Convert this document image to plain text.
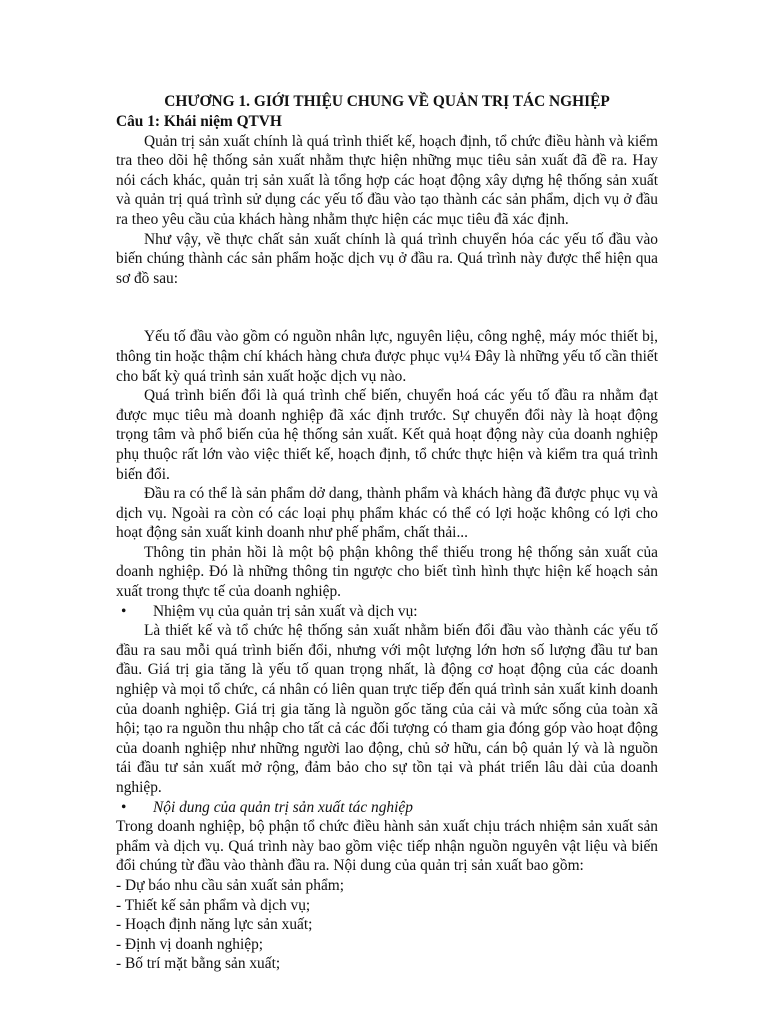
CHƯƠNG 1. GIỚI THIỆU CHUNG VỀ QUẢN TRỊ TÁC NGHIỆP

Câu 1: Khái niệm QTVH

Quản trị sản xuất chính là quá trình thiết kế, hoạch định, tổ chức điều hành và kiểm tra theo dõi hệ thống sản xuất nhằm thực hiện những mục tiêu sản xuất đã đề ra. Hay nói cách khác, quản trị sản xuất là tổng hợp các hoạt động xây dựng hệ thống sản xuất và quản trị quá trình sử dụng các yếu tố đầu vào tạo thành các sản phẩm, dịch vụ ở đầu ra theo yêu cầu của khách hàng nhằm thực hiện các mục tiêu đã xác định.

Như vậy, về thực chất sản xuất chính là quá trình chuyển hóa các yếu tố đầu vào biến chúng thành các sản phẩm hoặc dịch vụ ở đầu ra. Quá trình này được thể hiện qua sơ đồ sau:

Yếu tố đầu vào gồm có nguồn nhân lực, nguyên liệu, công nghệ, máy móc thiết bị, thông tin hoặc thậm chí khách hàng chưa được phục vụ¼ Đây là những yếu tố cần thiết cho bất kỳ quá trình sản xuất hoặc dịch vụ nào.

Quá trình biến đổi là quá trình chế biến, chuyển hoá các yếu tố đầu ra nhằm đạt được mục tiêu mà doanh nghiệp đã xác định trước. Sự chuyển đổi này là hoạt động trọng tâm và phổ biến của hệ thống sản xuất. Kết quả hoạt động này của doanh nghiệp phụ thuộc rất lớn vào việc thiết kế, hoạch định, tổ chức thực hiện và kiểm tra quá trình biến đổi.

Đầu ra có thể là sản phẩm dở dang, thành phẩm và khách hàng đã được phục vụ và dịch vụ. Ngoài ra còn có các loại phụ phẩm khác có thể có lợi hoặc không có lợi cho hoạt động sản xuất kinh doanh như phế phẩm, chất thải...

Thông tin phản hồi là một bộ phận không thể thiếu trong hệ thống sản xuất của doanh nghiệp. Đó là những thông tin ngược cho biết tình hình thực hiện kế hoạch sản xuất trong thực tế của doanh nghiệp.

• Nhiệm vụ của quản trị sản xuất và dịch vụ:

Là thiết kế và tổ chức hệ thống sản xuất nhằm biến đổi đầu vào thành các yếu tố đầu ra sau mỗi quá trình biến đổi, nhưng với một lượng lớn hơn số lượng đầu tư ban đầu. Giá trị gia tăng là yếu tố quan trọng nhất, là động cơ hoạt động của các doanh nghiệp và mọi tổ chức, cá nhân có liên quan trực tiếp đến quá trình sản xuất kinh doanh của doanh nghiệp. Giá trị gia tăng là nguồn gốc tăng của cải và mức sống của toàn xã hội; tạo ra nguồn thu nhập cho tất cả các đối tượng có tham gia đóng góp vào hoạt động của doanh nghiệp như những người lao động, chủ sở hữu, cán bộ quản lý và là nguồn tái đầu tư sản xuất mở rộng, đảm bảo cho sự tồn tại và phát triển lâu dài của doanh nghiệp.

• Nội dung của quản trị sản xuất tác nghiệp

Trong doanh nghiệp, bộ phận tổ chức điều hành sản xuất chịu trách nhiệm sản xuất sản phẩm và dịch vụ. Quá trình này bao gồm việc tiếp nhận nguồn nguyên vật liệu và biến đổi chúng từ đầu vào thành đầu ra. Nội dung của quản trị sản xuất bao gồm:

- Dự báo nhu cầu sản xuất sản phẩm;
- Thiết kế sản phẩm và dịch vụ;
- Hoạch định năng lực sản xuất;
- Định vị doanh nghiệp;
- Bố trí mặt bằng sản xuất;
